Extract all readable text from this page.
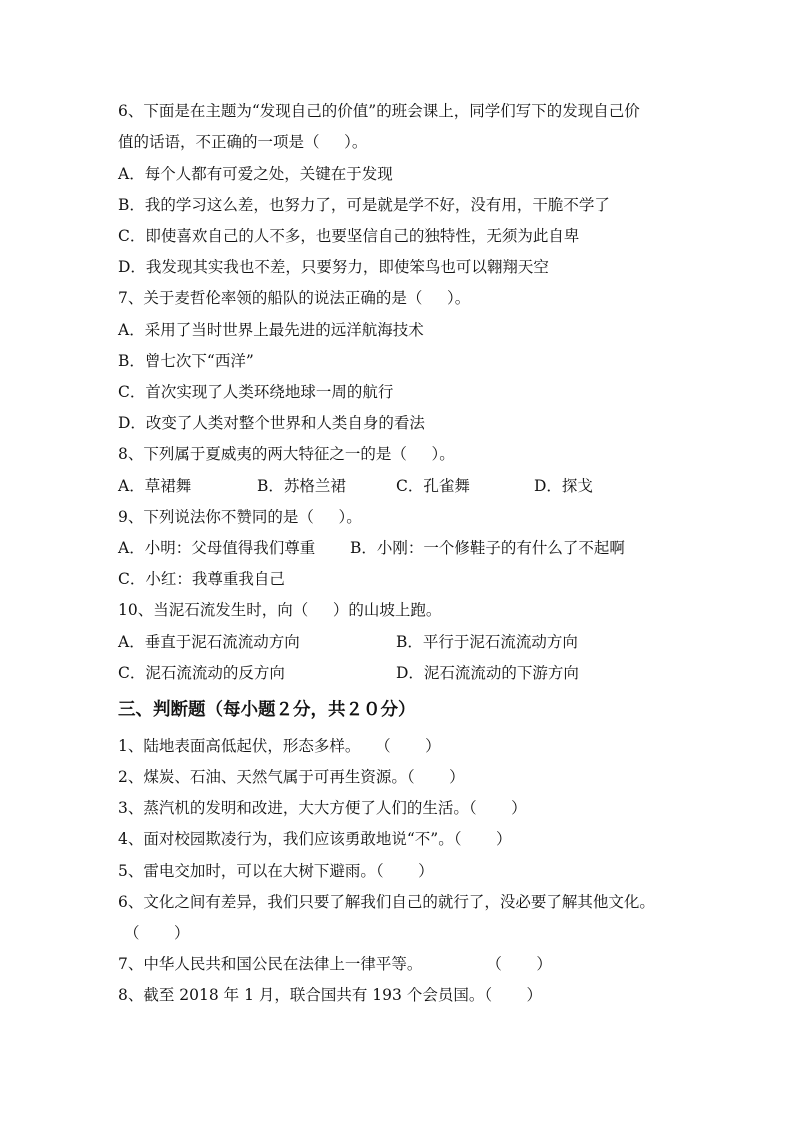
6、下面是在主题为“发现自己的价值”的班会课上，同学们写下的发现自己价
值的话语，不正确的一项是（     ）。
A．每个人都有可爱之处，关键在于发现
B．我的学习这么差，也努力了，可是就是学不好，没有用，干脆不学了
C．即使喜欢自己的人不多，也要坚信自己的独特性，无须为此自卑
D．我发现其实我也不差，只要努力，即使笨鸟也可以翱翔天空
7、关于麦哲伦率领的船队的说法正确的是（     ）。
A．采用了当时世界上最先进的远洋航海技术
B．曾七次下“西洋”
C．首次实现了人类环绕地球一周的航行
D．改变了人类对整个世界和人类自身的看法
8、下列属于夏威夷的两大特征之一的是（     ）。
A．草裙舞	B．苏格兰裙	C．孔雀舞	D．探戈
9、下列说法你不赞同的是（     ）。
A．小明：父母值得我们尊重 B．小刚：一个修鞋子的有什么了不起啊
C．小红：我尊重我自己
10、当泥石流发生时，向（     ）的山坡上跑。
A．垂直于泥石流流动方向	B．平行于泥石流流动方向
C．泥石流流动的反方向	D．泥石流流动的下游方向
三、判断题（每小题２分，共２０分）
1、陆地表面高低起伏，形态多样。   （       ）
2、煤炭、石油、天然气属于可再生资源。（       ）
3、蒸汽机的发明和改进，大大方便了人们的生活。（       ）
4、面对校园欺凌行为，我们应该勇敢地说“不”。（       ）
5、雷电交加时，可以在大树下避雨。（       ）
6、文化之间有差异，我们只要了解我们自己的就行了，没必要了解其他文化。
（       ）
7、中华人民共和国公民在法律上一律平等。             （       ）
8、截至 2018 年 1 月，联合国共有 193 个会员国。（       ）
